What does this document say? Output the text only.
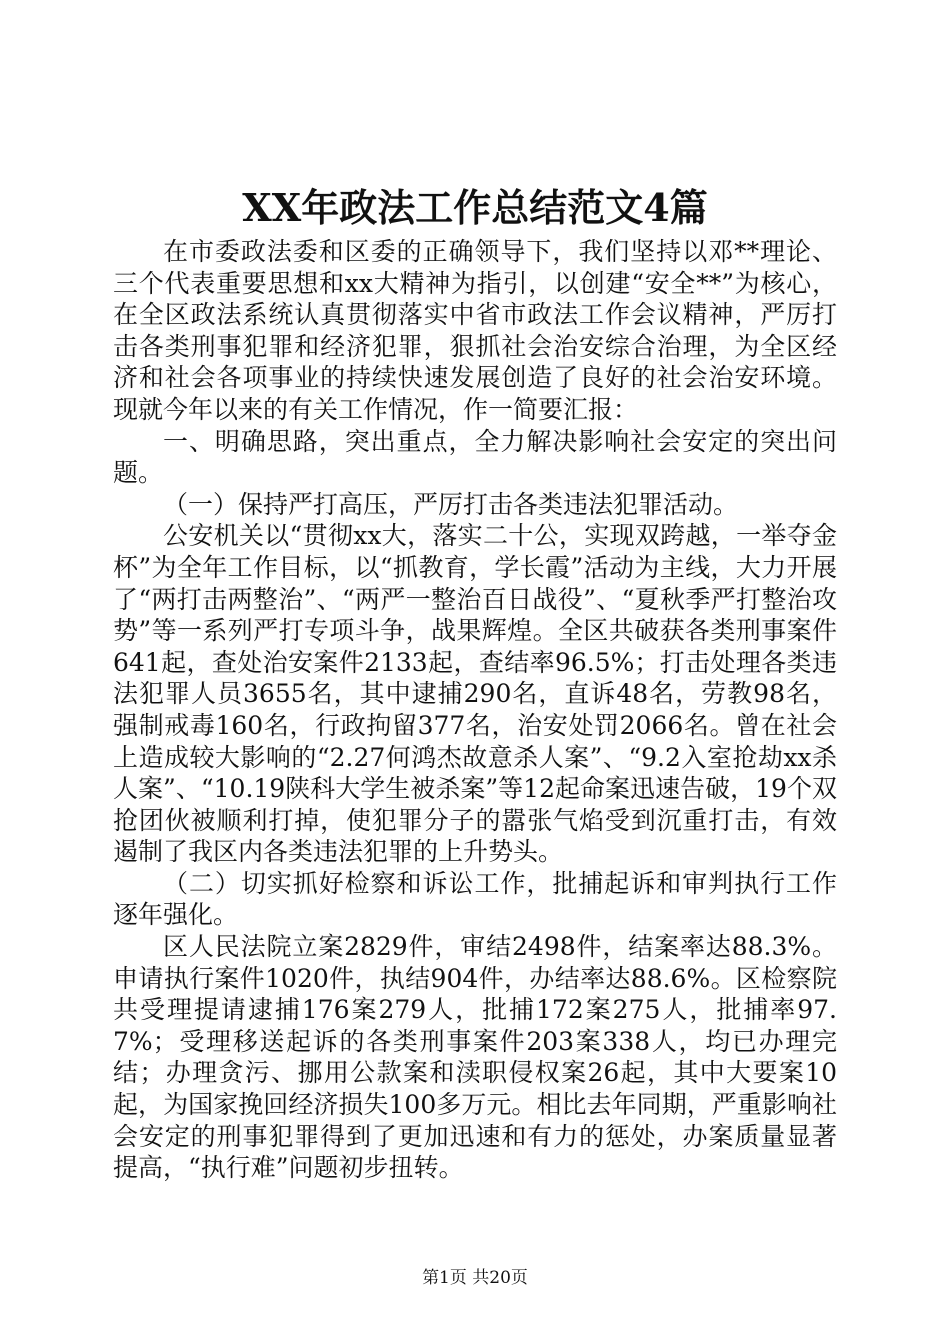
XX年政法工作总结范文4篇

在市委政法委和区委的正确领导下，我们坚持以邓**理论、三个代表重要思想和xx大精神为指引，以创建“安全**”为核心，在全区政法系统认真贯彻落实中省市政法工作会议精神，严厉打击各类刑事犯罪和经济犯罪，狠抓社会治安综合治理，为全区经济和社会各项事业的持续快速发展创造了良好的社会治安环境。现就今年以来的有关工作情况，作一简要汇报：

一、明确思路，突出重点，全力解决影响社会安定的突出问题。

（一）保持严打高压，严厉打击各类违法犯罪活动。

公安机关以“贯彻xx大，落实二十公，实现双跨越，一举夺金杯”为全年工作目标，以“抓教育，学长霞”活动为主线，大力开展了“两打击两整治”、“两严一整治百日战役”、“夏秋季严打整治攻势”等一系列严打专项斗争，战果辉煌。全区共破获各类刑事案件641起，查处治安案件2133起，查结率96.5%；打击处理各类违法犯罪人员3655名，其中逮捕290名，直诉48名，劳教98名，强制戒毒160名，行政拘留377名，治安处罚2066名。曾在社会上造成较大影响的“2.27何鸿杰故意杀人案”、“9.2入室抢劫xx杀人案”、“10.19陕科大学生被杀案”等12起命案迅速告破，19个双抢团伙被顺利打掉，使犯罪分子的嚣张气焰受到沉重打击，有效遏制了我区内各类违法犯罪的上升势头。

（二）切实抓好检察和诉讼工作，批捕起诉和审判执行工作逐年强化。

区人民法院立案2829件，审结2498件，结案率达88.3%。申请执行案件1020件，执结904件，办结率达88.6%。区检察院共受理提请逮捕176案279人，批捕172案275人，批捕率97.7%；受理移送起诉的各类刑事案件203案338人，均已办理完结；办理贪污、挪用公款案和渎职侵权案26起，其中大要案10起，为国家挽回经济损失100多万元。相比去年同期，严重影响社会安定的刑事犯罪得到了更加迅速和有力的惩处，办案质量显著提高，“执行难”问题初步扭转。

第1页 共20页
